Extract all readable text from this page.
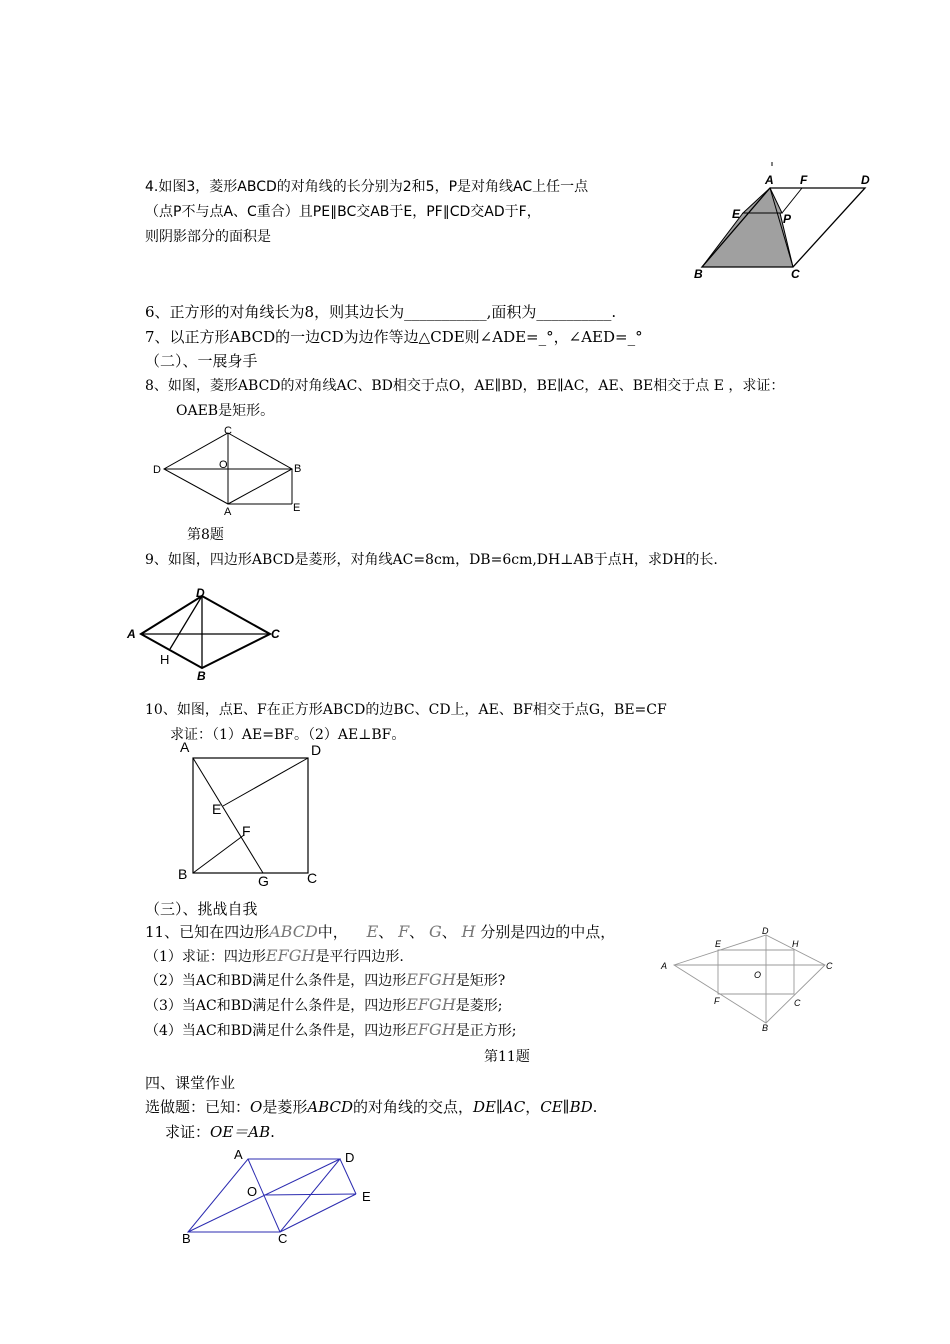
4.如图3，菱形ABCD的对角线的长分别为2和5，P是对角线AC上任一点
（点P不与点A、C重合）且PE∥BC交AB于E，PF∥CD交AD于F，
则阴影部分的面积是
A F	D
E	P
B	C
6、正方形的对角线长为8，则其边长为___________,面积为__________.
7、以正方形ABCD的一边CD为边作等边△CDE则∠ADE=_°，∠AED=_°
（二）、一展身手
8、如图，菱形ABCD的对角线AC、BD相交于点O，AE∥BD，BE∥AC，AE、BE相交于点 E ，求证：
OAEB是矩形。
C
D	O	B
A	E
第8题
9、如图，四边形ABCD是菱形，对角线AC=8cm，DB=6cm,DH⊥AB于点H，求DH的长.
D
A	C
H
B
10、如图，点E、F在正方形ABCD的边BC、CD上，AE、BF相交于点G，BE=CF
求证：（1）AE=BF。（2）AE⊥BF。
A	D
E
F
B	G	C
（三）、挑战自我
11、已知在四边形ABCD中， E、 F、 G、 H 分别是四边的中点，
（1）求证：四边形EFGH是平行四边形.
（2）当AC和BD满足什么条件是，四边形EFGH是矩形?
（3）当AC和BD满足什么条件是，四边形EFGH是菱形;
（4）当AC和BD满足什么条件是，四边形EFGH是正方形;
D
E	H
A	C
O
F	C
B
第11题
四、课堂作业
选做题：已知：O是菱形ABCD的对角线的交点，DE∥AC，CE∥BD.
求证：OE＝AB.
A	D
O	E
B	C
